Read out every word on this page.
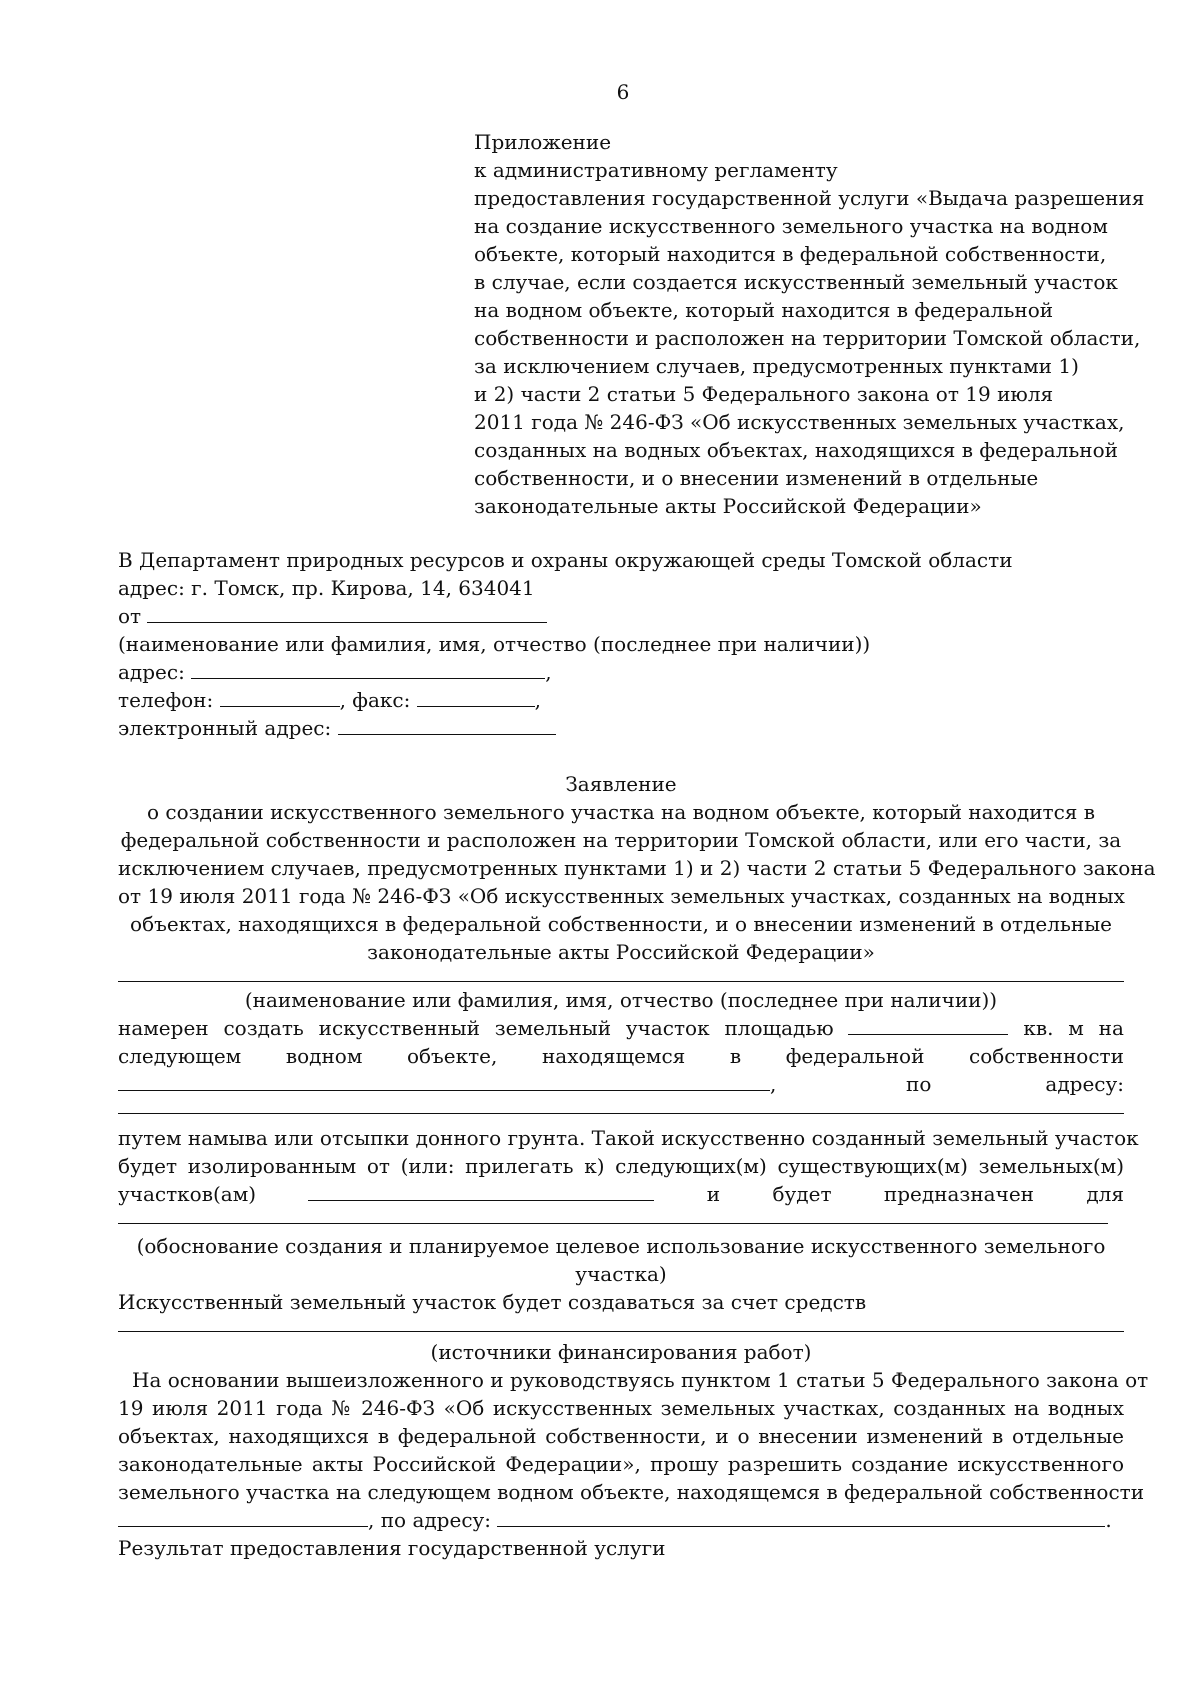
6
Приложение
к административному регламенту
предоставления государственной услуги «Выдача разрешения
на создание искусственного земельного участка на водном
объекте, который находится в федеральной собственности,
в случае, если создается искусственный земельный участок
на водном объекте, который находится в федеральной
собственности и расположен на территории Томской области,
за исключением случаев, предусмотренных пунктами 1)
и 2) части 2 статьи 5 Федерального закона от 19 июля
2011 года № 246-ФЗ «Об искусственных земельных участках,
созданных на водных объектах, находящихся в федеральной
собственности, и о внесении изменений в отдельные
законодательные акты Российской Федерации»
В Департамент природных ресурсов и охраны окружающей среды Томской области
адрес: г. Томск, пр. Кирова, 14, 634041
от
(наименование или фамилия, имя, отчество (последнее при наличии))
адрес:	,
телефон:	, факс:	,
электронный адрес:
Заявление
о создании искусственного земельного участка на водном объекте, который находится в
федеральной собственности и расположен на территории Томской области, или его части, за
исключением случаев, предусмотренных пунктами 1) и 2) части 2 статьи 5 Федерального закона
от 19 июля 2011 года № 246-ФЗ «Об искусственных земельных участках, созданных на водных
объектах, находящихся в федеральной собственности, и о внесении изменений в отдельные
законодательные акты Российской Федерации»
(наименование или фамилия, имя, отчество (последнее при наличии))
намерен создать искусственный земельный участок площадью	кв. м на
следующем водном объекте, находящемся в федеральной собственности
,	по	адресу:
путем намыва или отсыпки донного грунта. Такой искусственно созданный земельный участок
будет изолированным от (или: прилегать к) следующих(м) существующих(м) земельных(м)
участков(ам)	и	будет	предназначен	для
(обоснование создания и планируемое целевое использование искусственного земельного
участка)
Искусственный земельный участок будет создаваться за счет средств
(источники финансирования работ)
На основании вышеизложенного и руководствуясь пунктом 1 статьи 5 Федерального закона от
19 июля 2011 года № 246-ФЗ «Об искусственных земельных участках, созданных на водных
объектах, находящихся в федеральной собственности, и о внесении изменений в отдельные
законодательные акты Российской Федерации», прошу разрешить создание искусственного
земельного участка на следующем водном объекте, находящемся в федеральной собственности
, по адресу:	.
Результат предоставления государственной услуги
